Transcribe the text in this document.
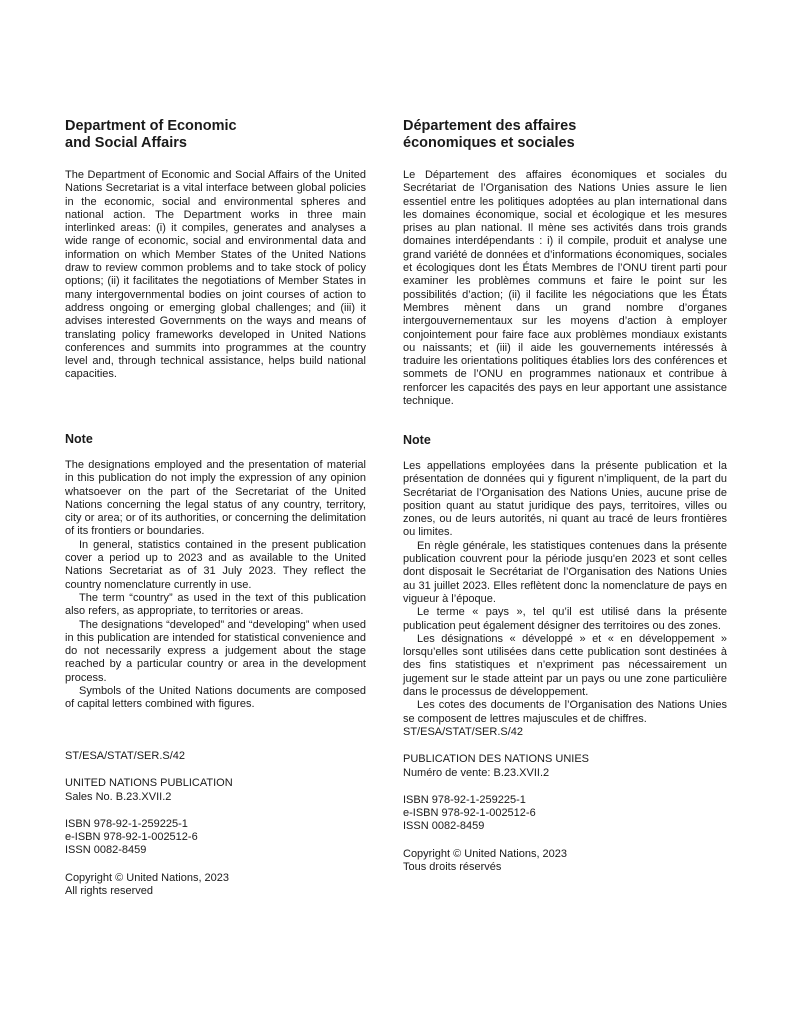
Department of Economic

and Social Affairs

The Department of Economic and Social Affairs of the United Nations Secretariat is a vital interface between global policies in the economic, social and environmental spheres and national action. The Department works in three main interlinked areas: (i) it compiles, generates and analyses a wide range of economic, social and environmental data and information on which Member States of the United Nations draw to review common problems and to take stock of policy options; (ii) it facilitates the negotiations of Member States in many intergovernmental bodies on joint courses of action to address ongoing or emerging global challenges; and (iii) it advises interested Governments on the ways and means of translating policy frameworks developed in United Nations conferences and summits into programmes at the country level and, through technical assistance, helps build national capacities.

Note

The designations employed and the presentation of material in this publication do not imply the expression of any opinion whatsoever on the part of the Secretariat of the United Nations concerning the legal status of any country, territory, city or area; or of its authorities, or concerning the delimitation of its frontiers or boundaries.

In general, statistics contained in the present publication cover a period up to 2023 and as available to the United Nations Secretariat as of 31 July 2023. They reflect the country nomenclature currently in use.

The term “country” as used in the text of this publication also refers, as appropriate, to territories or areas.

The designations “developed” and “developing” when used in this publication are intended for statistical convenience and do not necessarily express a judgement about the stage reached by a particular country or area in the development process.

Symbols of the United Nations documents are composed of capital letters combined with figures.

ST/ESA/STAT/SER.S/42

UNITED NATIONS PUBLICATION

Sales No. B.23.XVII.2

ISBN 978-92-1-259225-1

e-ISBN 978-92-1-002512-6

ISSN 0082-8459

Copyright © United Nations, 2023

All rights reserved

Département des affaires

économiques et sociales

Le Département des affaires économiques et sociales du Secrétariat de l’Organisation des Nations Unies assure le lien essentiel entre les politiques adoptées au plan international dans les domaines économique, social et écologique et les mesures prises au plan national. Il mène ses activités dans trois grands domaines interdépendants : i) il compile, produit et analyse une grand variété de données et d’informations économiques, sociales et écologiques dont les États Membres de l’ONU tirent parti pour examiner les problèmes communs et faire le point sur les possibilités d’action; (ii) il facilite les négociations que les États Membres mènent dans un grand nombre d’organes intergouvernementaux sur les moyens d’action à employer conjointement pour faire face aux problèmes mondiaux existants ou naissants; et (iii) il aide les gouvernements intéressés à traduire les orientations politiques établies lors des conférences et sommets de l’ONU en programmes nationaux et contribue à renforcer les capacités des pays en leur apportant une assistance technique.

Note

Les appellations employées dans la présente publication et la présentation de données qui y figurent n’impliquent, de la part du Secrétariat de l’Organisation des Nations Unies, aucune prise de position quant au statut juridique des pays, territoires, villes ou zones, ou de leurs autorités, ni quant au tracé de leurs frontières ou limites.

En règle générale, les statistiques contenues dans la présente publication couvrent pour la période jusqu'en 2023 et sont celles dont disposait le Secrétariat de l’Organisation des Nations Unies au 31 juillet 2023. Elles reflètent donc la nomenclature de pays en vigueur à l’époque.

Le terme « pays », tel qu’il est utilisé dans la présente publication peut également désigner des territoires ou des zones.

Les désignations « développé » et « en développement » lorsqu’elles sont utilisées dans cette publication sont destinées à des fins statistiques et n’expriment pas nécessairement un jugement sur le stade atteint par un pays ou une zone particulière dans le processus de développement.

Les cotes des documents de l’Organisation des Nations Unies se composent de lettres majuscules et de chiffres.

ST/ESA/STAT/SER.S/42

PUBLICATION DES NATIONS UNIES

Numéro de vente: B.23.XVII.2

ISBN 978-92-1-259225-1

e-ISBN 978-92-1-002512-6

ISSN 0082-8459

Copyright © United Nations, 2023

Tous droits réservés
